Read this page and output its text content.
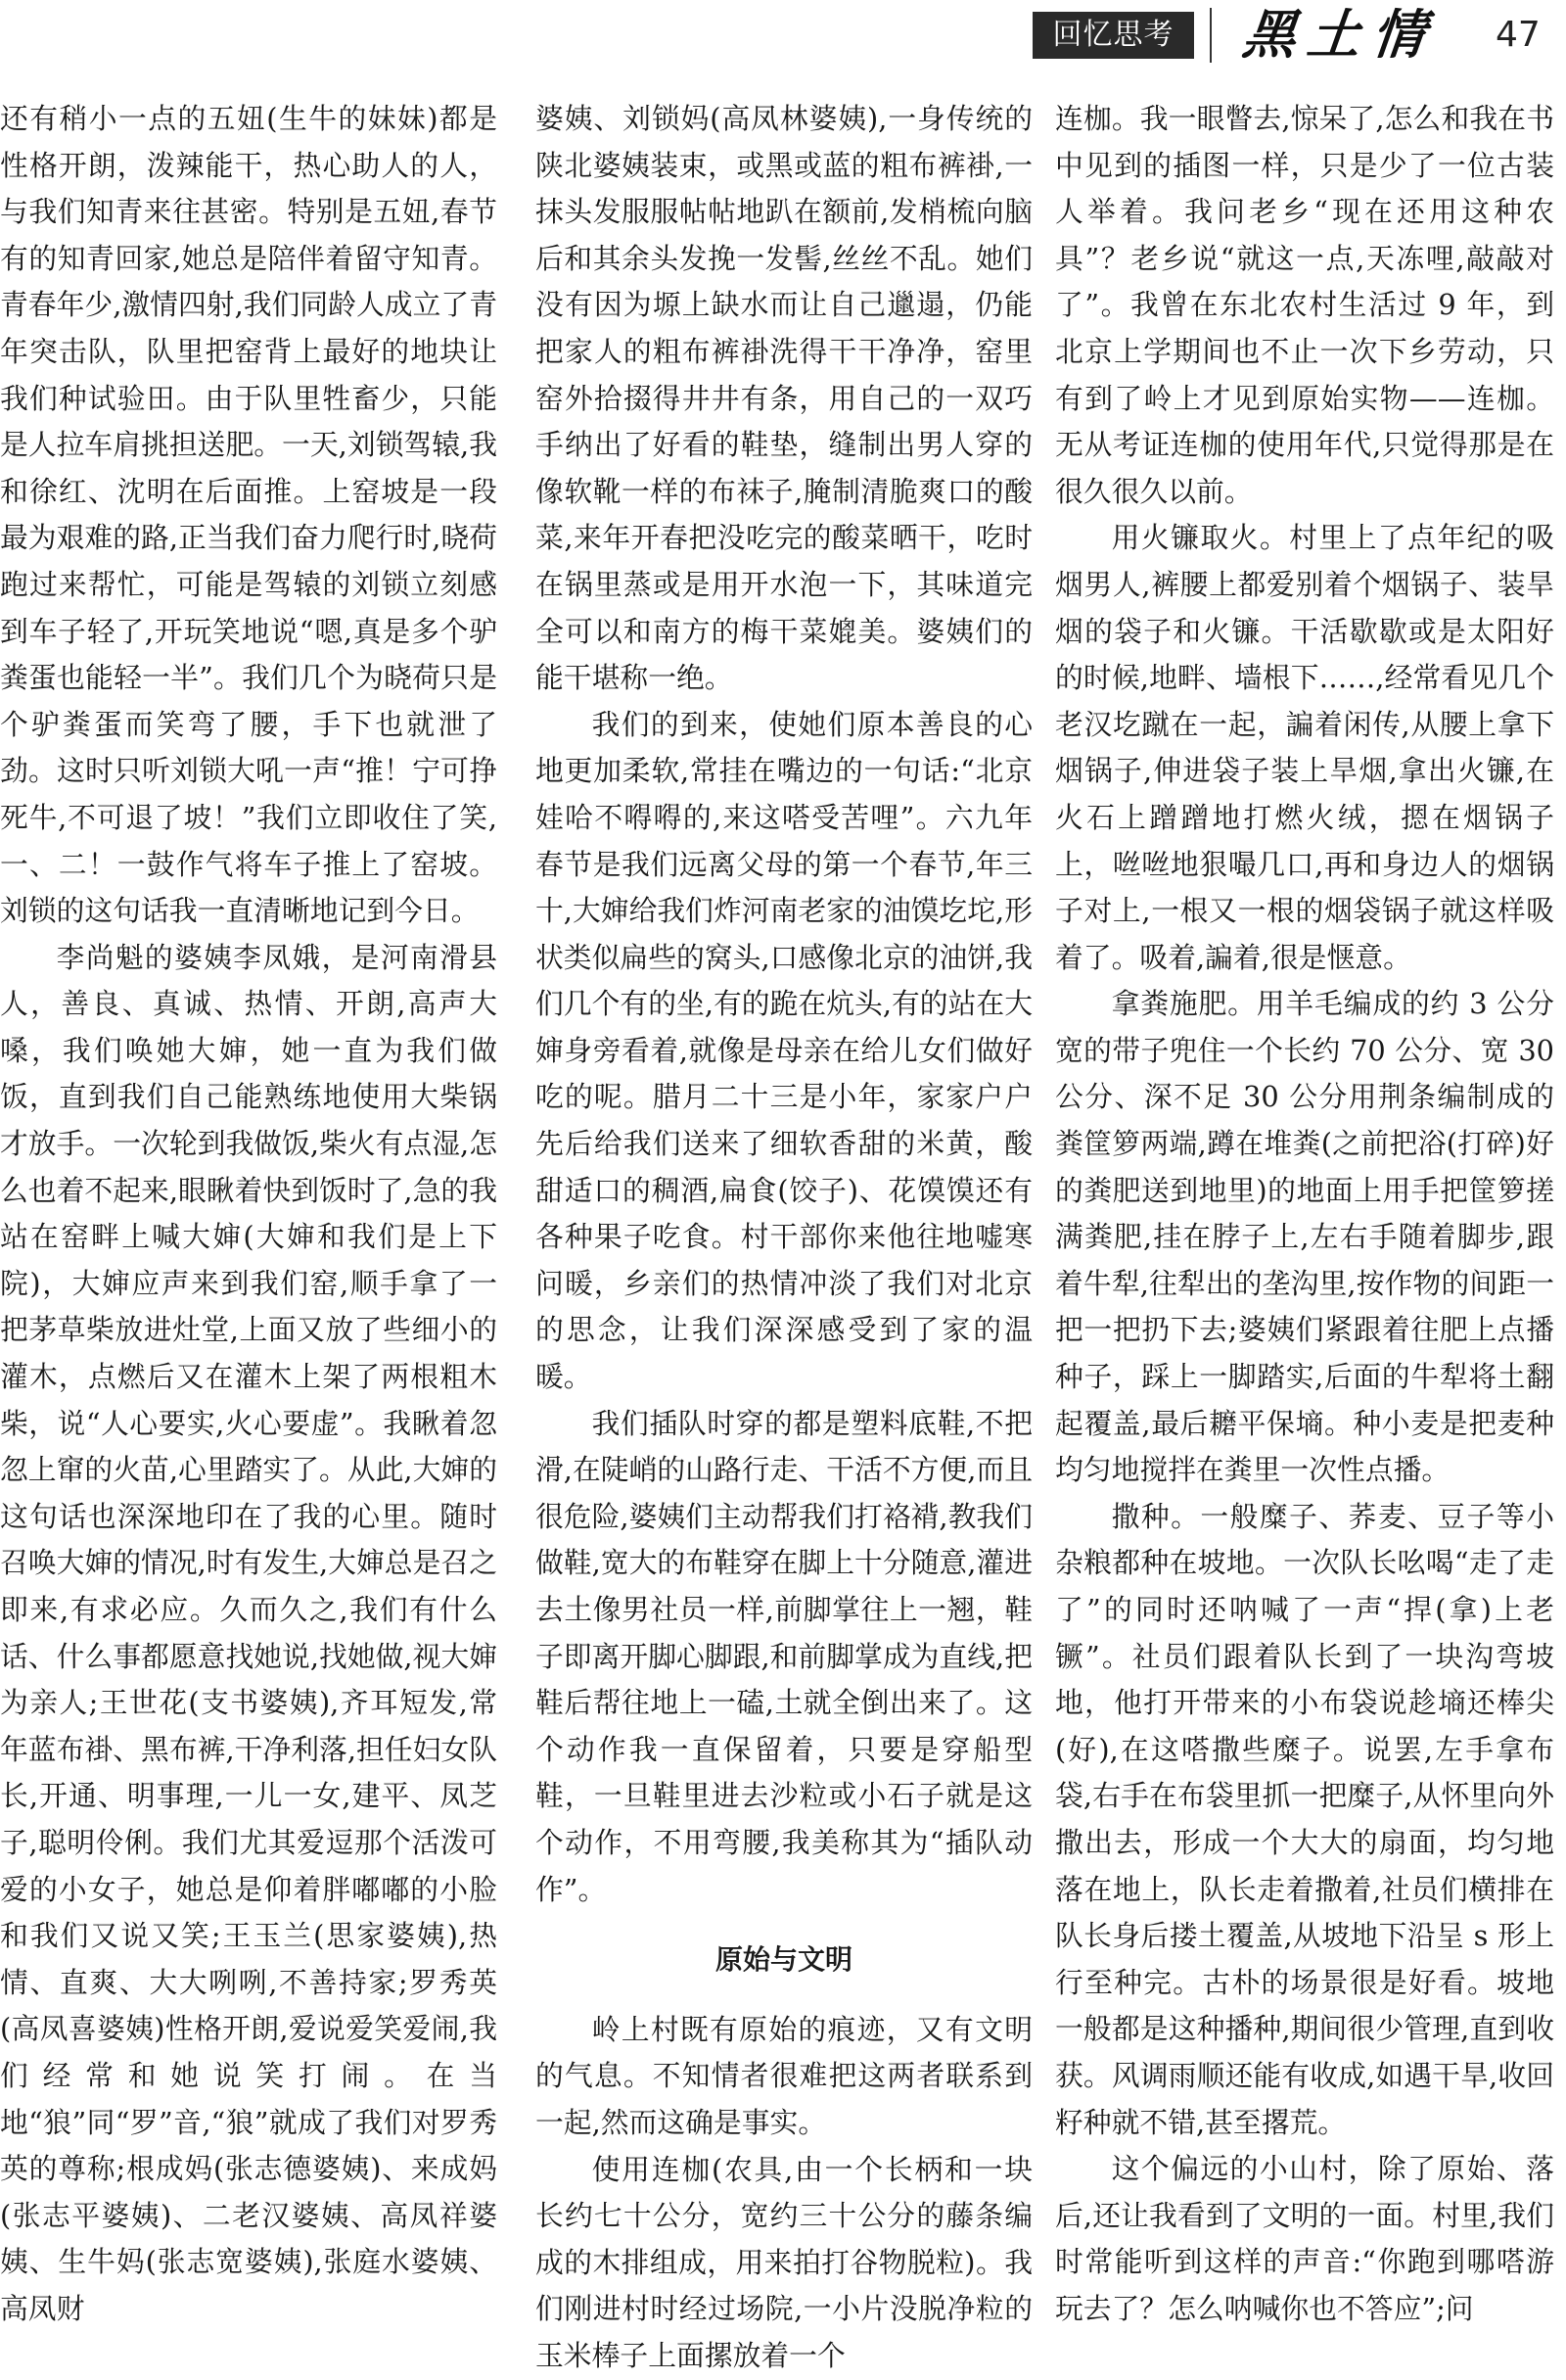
回忆思考	黑土情	47

还有稍小一点的五妞(生牛的妹妹)都是性格开朗，泼辣能干，热心助人的人，与我们知青来往甚密。特别是五妞,春节有的知青回家,她总是陪伴着留守知青。青春年少,激情四射,我们同龄人成立了青年突击队，队里把窑背上最好的地块让我们种试验田。由于队里牲畜少，只能是人拉车肩挑担送肥。一天,刘锁驾辕,我和徐红、沈明在后面推。上窑坡是一段最为艰难的路,正当我们奋力爬行时,晓荷跑过来帮忙，可能是驾辕的刘锁立刻感到车子轻了,开玩笑地说“嗯,真是多个驴粪蛋也能轻一半”。我们几个为晓荷只是个驴粪蛋而笑弯了腰，手下也就泄了劲。这时只听刘锁大吼一声“推！宁可挣死牛,不可退了坡！”我们立即收住了笑,一、二！一鼓作气将车子推上了窑坡。刘锁的这句话我一直清晰地记到今日。

李尚魁的婆姨李凤娥，是河南滑县人，善良、真诚、热情、开朗,高声大嗓，我们唤她大婶，她一直为我们做饭，直到我们自己能熟练地使用大柴锅才放手。一次轮到我做饭,柴火有点湿,怎么也着不起来,眼瞅着快到饭时了,急的我站在窑畔上喊大婶(大婶和我们是上下院)，大婶应声来到我们窑,顺手拿了一把茅草柴放进灶堂,上面又放了些细小的灌木，点燃后又在灌木上架了两根粗木柴，说“人心要实,火心要虚”。我瞅着忽忽上窜的火苗,心里踏实了。从此,大婶的这句话也深深地印在了我的心里。随时召唤大婶的情况,时有发生,大婶总是召之即来,有求必应。久而久之,我们有什么话、什么事都愿意找她说,找她做,视大婶为亲人;王世花(支书婆姨),齐耳短发,常年蓝布褂、黑布裤,干净利落,担任妇女队长,开通、明事理,一儿一女,建平、凤芝子,聪明伶俐。我们尤其爱逗那个活泼可爱的小女子，她总是仰着胖嘟嘟的小脸和我们又说又笑;王玉兰(思家婆姨),热情、直爽、大大咧咧,不善持家;罗秀英(高凤喜婆姨)性格开朗,爱说爱笑爱闹,我们经常和她说笑打闹。在当地“狼”同“罗”音,“狼”就成了我们对罗秀英的尊称;根成妈(张志德婆姨)、来成妈(张志平婆姨)、二老汉婆姨、高凤祥婆姨、生牛妈(张志宽婆姨),张庭水婆姨、高凤财

婆姨、刘锁妈(高凤林婆姨),一身传统的陕北婆姨装束，或黑或蓝的粗布裤褂,一抹头发服服帖帖地趴在额前,发梢梳向脑后和其余头发挽一发髻,丝丝不乱。她们没有因为塬上缺水而让自己邋遢，仍能把家人的粗布裤褂洗得干干净净，窑里窑外拾掇得井井有条，用自己的一双巧手纳出了好看的鞋垫，缝制出男人穿的像软靴一样的布袜子,腌制清脆爽口的酸菜,来年开春把没吃完的酸菜晒干，吃时在锅里蒸或是用开水泡一下，其味道完全可以和南方的梅干菜媲美。婆姨们的能干堪称一绝。

我们的到来，使她们原本善良的心地更加柔软,常挂在嘴边的一句话:“北京娃哈不嘚嘚的,来这嗒受苦哩”。六九年春节是我们远离父母的第一个春节,年三十,大婶给我们炸河南老家的油馍圪坨,形状类似扁些的窝头,口感像北京的油饼,我们几个有的坐,有的跪在炕头,有的站在大婶身旁看着,就像是母亲在给儿女们做好吃的呢。腊月二十三是小年，家家户户先后给我们送来了细软香甜的米黄，酸甜适口的稠酒,扁食(饺子)、花馍馍还有各种果子吃食。村干部你来他往地嘘寒问暖，乡亲们的热情冲淡了我们对北京的思念，让我们深深感受到了家的温暖。

我们插队时穿的都是塑料底鞋,不把滑,在陡峭的山路行走、干活不方便,而且很危险,婆姨们主动帮我们打袼褙,教我们做鞋,宽大的布鞋穿在脚上十分随意,灌进去土像男社员一样,前脚掌往上一翘，鞋子即离开脚心脚跟,和前脚掌成为直线,把鞋后帮往地上一磕,土就全倒出来了。这个动作我一直保留着，只要是穿船型鞋，一旦鞋里进去沙粒或小石子就是这个动作，不用弯腰,我美称其为“插队动作”。

原始与文明

岭上村既有原始的痕迹，又有文明的气息。不知情者很难把这两者联系到一起,然而这确是事实。

使用连枷(农具,由一个长柄和一块长约七十公分，宽约三十公分的藤条编成的木排组成，用来拍打谷物脱粒)。我们刚进村时经过场院,一小片没脱净粒的玉米棒子上面摞放着一个

连枷。我一眼瞥去,惊呆了,怎么和我在书中见到的插图一样，只是少了一位古装人举着。我问老乡“现在还用这种农具”？老乡说“就这一点,天冻哩,敲敲对了”。我曾在东北农村生活过 9 年，到北京上学期间也不止一次下乡劳动，只有到了岭上才见到原始实物——连枷。无从考证连枷的使用年代,只觉得那是在很久很久以前。

用火镰取火。村里上了点年纪的吸烟男人,裤腰上都爱别着个烟锅子、装旱烟的袋子和火镰。干活歇歇或是太阳好的时候,地畔、墙根下……,经常看见几个老汉圪蹴在一起，諞着闲传,从腰上拿下烟锅子,伸进袋子装上旱烟,拿出火镰,在火石上蹭蹭地打燃火绒，摁在烟锅子上，咝咝地狠嘬几口,再和身边人的烟锅子对上,一根又一根的烟袋锅子就这样吸着了。吸着,諞着,很是惬意。

拿粪施肥。用羊毛编成的约 3 公分宽的带子兜住一个长约 70 公分、宽 30 公分、深不足 30 公分用荆条编制成的粪筐箩两端,蹲在堆粪(之前把浴(打碎)好的粪肥送到地里)的地面上用手把筐箩搓满粪肥,挂在脖子上,左右手随着脚步,跟着牛犁,往犁出的垄沟里,按作物的间距一把一把扔下去;婆姨们紧跟着往肥上点播种子，踩上一脚踏实,后面的牛犁将土翻起覆盖,最后耱平保墒。种小麦是把麦种均匀地搅拌在粪里一次性点播。

撒种。一般糜子、荞麦、豆子等小杂粮都种在坡地。一次队长吆喝“走了走了”的同时还呐喊了一声“捍(拿)上老镢”。社员们跟着队长到了一块沟弯坡地，他打开带来的小布袋说趁墒还棒尖(好),在这嗒撒些糜子。说罢,左手拿布袋,右手在布袋里抓一把糜子,从怀里向外撒出去，形成一个大大的扇面，均匀地落在地上，队长走着撒着,社员们横排在队长身后搂土覆盖,从坡地下沿呈 s 形上行至种完。古朴的场景很是好看。坡地一般都是这种播种,期间很少管理,直到收获。风调雨顺还能有收成,如遇干旱,收回籽种就不错,甚至撂荒。

这个偏远的小山村，除了原始、落后,还让我看到了文明的一面。村里,我们时常能听到这样的声音:“你跑到哪嗒游玩去了？怎么呐喊你也不答应”;问
